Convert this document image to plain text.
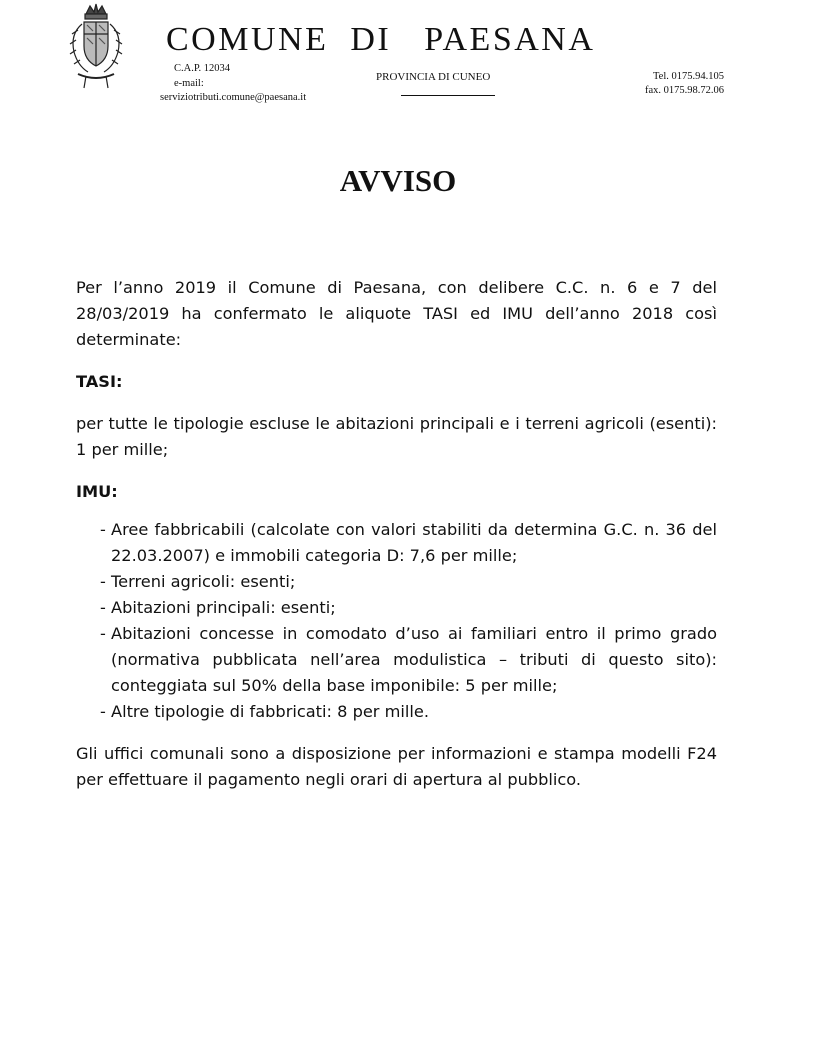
COMUNE  DI   PAESANA
C.A.P. 12034
e-mail:
serviziotributi.comune@paesana.it
PROVINCIA DI CUNEO	Tel. 0175.94.105
fax. 0175.98.72.06
AVVISO

Per l’anno 2019 il Comune di Paesana, con delibere C.C. n. 6 e 7 del 28/03/2019 ha confermato le aliquote TASI ed IMU dell’anno 2018 così determinate:

TASI:

per tutte le tipologie escluse le abitazioni principali e i terreni agricoli (esenti): 1 per mille;

IMU:

- Aree fabbricabili (calcolate con valori stabiliti da determina G.C. n. 36 del 22.03.2007) e immobili categoria D: 7,6 per mille;
- Terreni agricoli: esenti;
- Abitazioni principali: esenti;
- Abitazioni concesse in comodato d’uso ai familiari entro il primo grado (normativa pubblicata nell’area modulistica – tributi di questo sito): conteggiata sul 50% della base imponibile: 5 per mille;
- Altre tipologie di fabbricati: 8 per mille.

Gli uffici comunali sono a disposizione per informazioni e stampa modelli F24 per effettuare il pagamento negli orari di apertura al pubblico.
